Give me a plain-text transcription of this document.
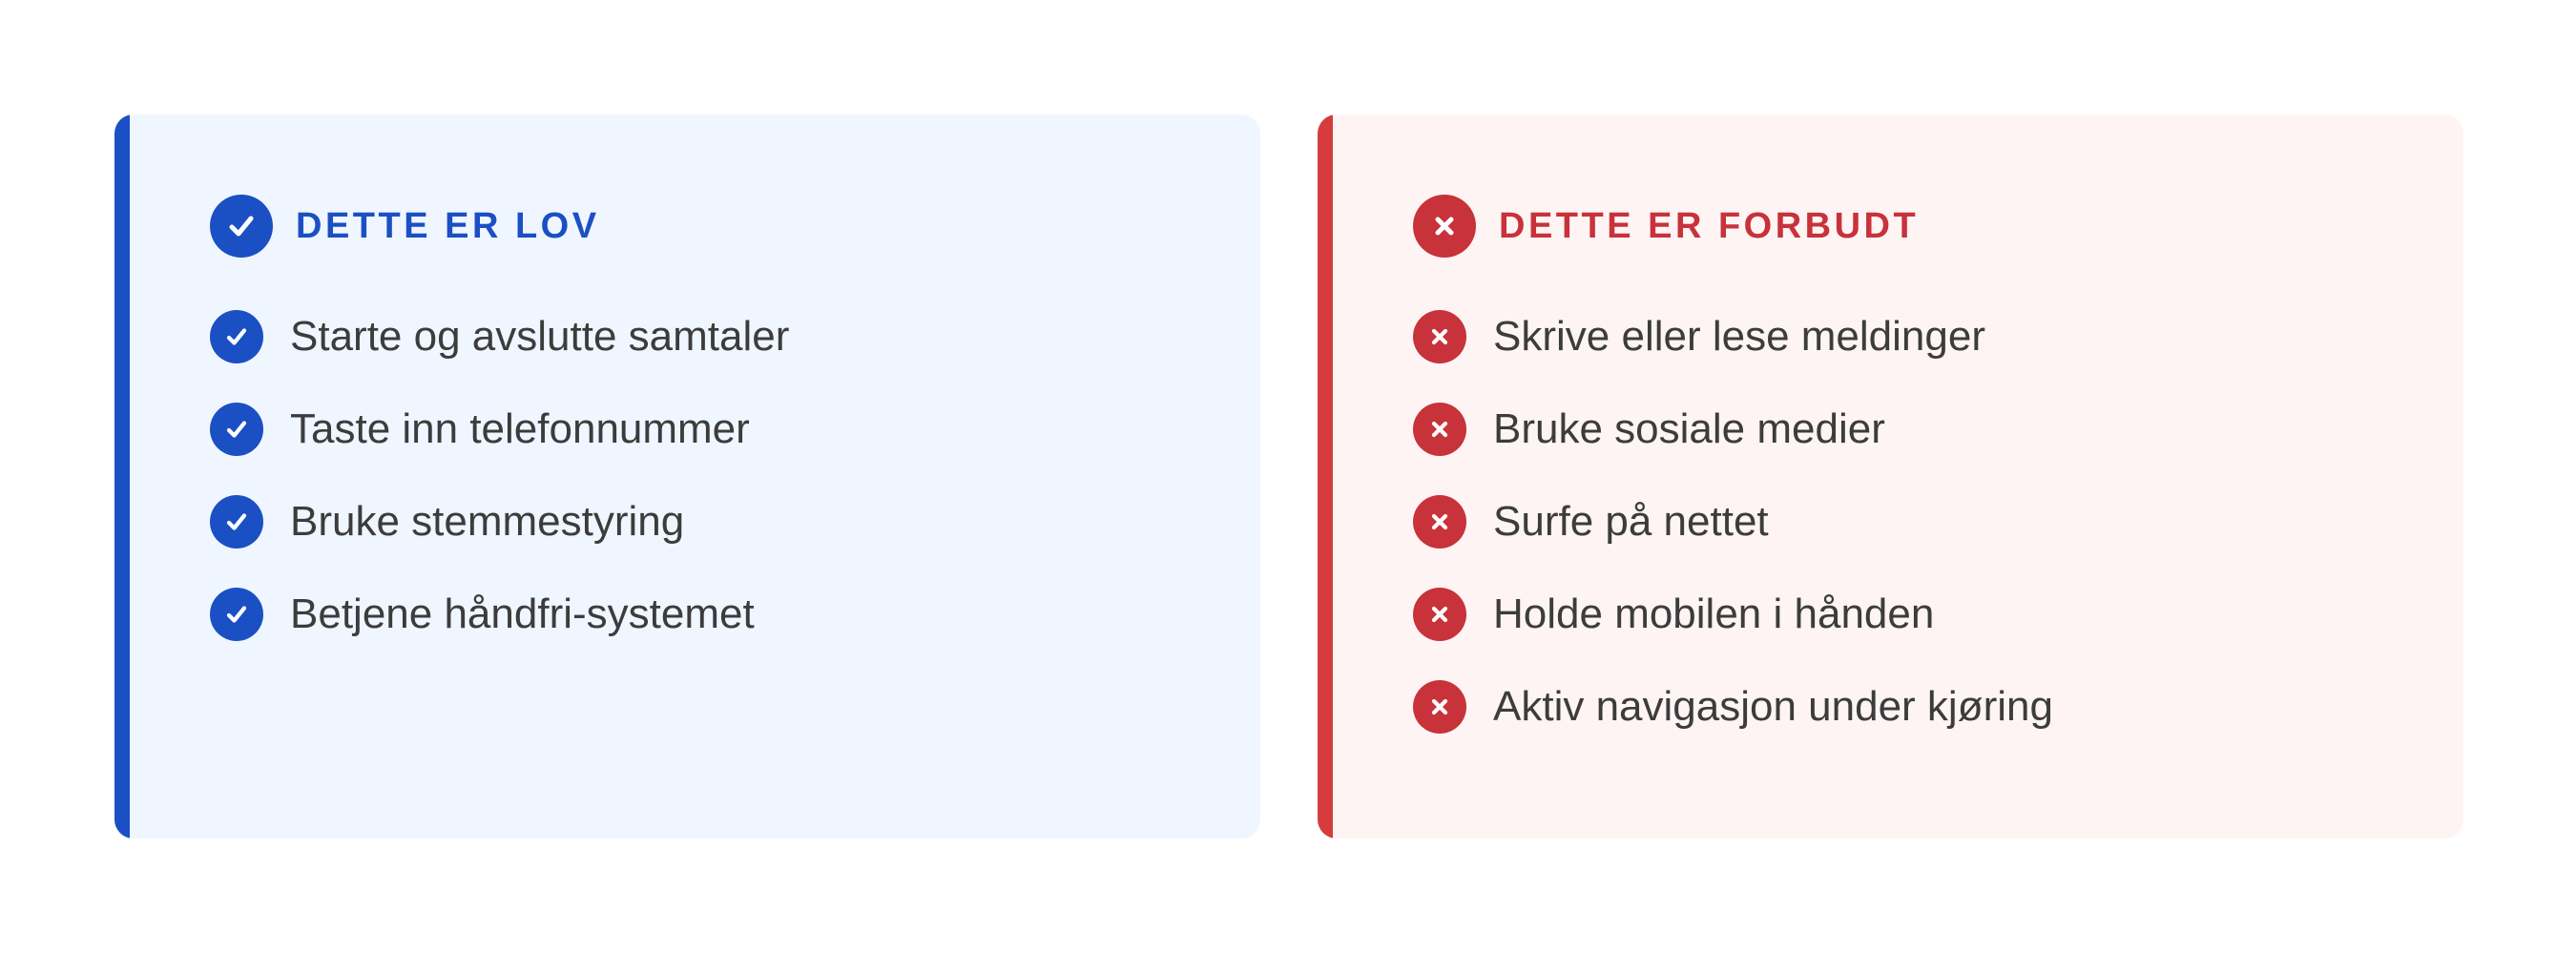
DETTE ER LOV
Starte og avslutte samtaler
Taste inn telefonnummer
Bruke stemmestyring
Betjene håndfri-systemet
DETTE ER FORBUDT
Skrive eller lese meldinger
Bruke sosiale medier
Surfe på nettet
Holde mobilen i hånden
Aktiv navigasjon under kjøring
